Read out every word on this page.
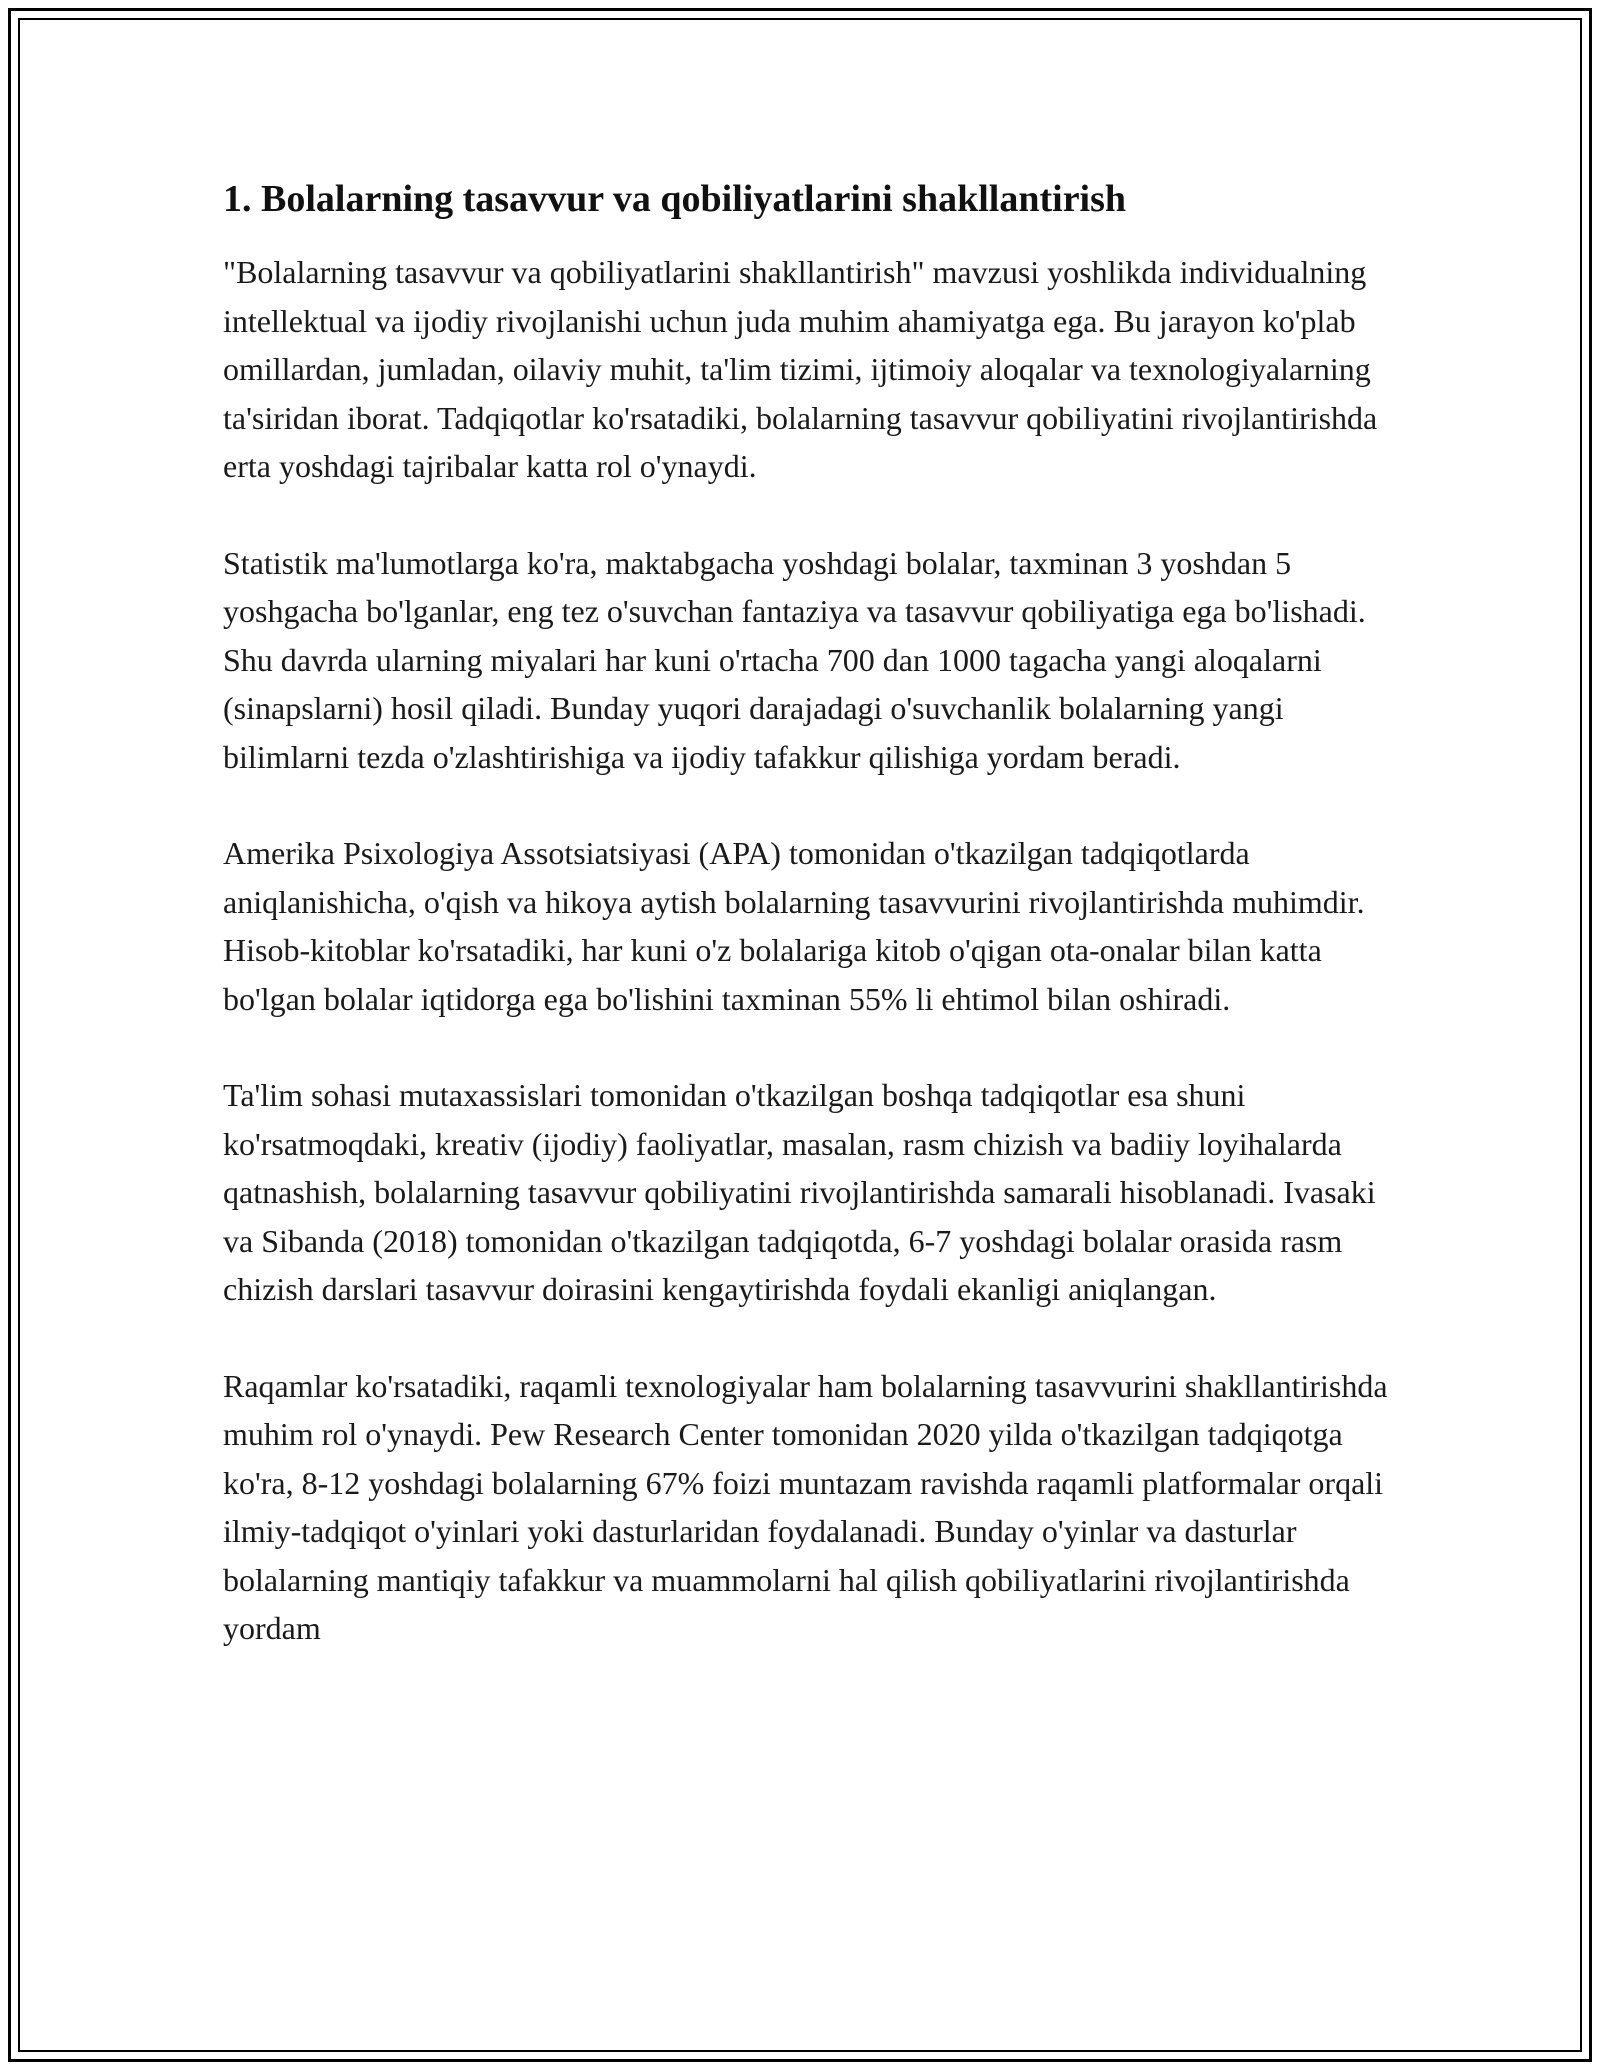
1. Bolalarning tasavvur va qobiliyatlarini shakllantirish

"Bolalarning tasavvur va qobiliyatlarini shakllantirish" mavzusi yoshlikda individualning intellektual va ijodiy rivojlanishi uchun juda muhim ahamiyatga ega. Bu jarayon ko'plab omillardan, jumladan, oilaviy muhit, ta'lim tizimi, ijtimoiy aloqalar va texnologiyalarning ta'siridan iborat. Tadqiqotlar ko'rsatadiki, bolalarning tasavvur qobiliyatini rivojlantirishda erta yoshdagi tajribalar katta rol o'ynaydi.

Statistik ma'lumotlarga ko'ra, maktabgacha yoshdagi bolalar, taxminan 3 yoshdan 5 yoshgacha bo'lganlar, eng tez o'suvchan fantaziya va tasavvur qobiliyatiga ega bo'lishadi. Shu davrda ularning miyalari har kuni o'rtacha 700 dan 1000 tagacha yangi aloqalarni (sinapslarni) hosil qiladi. Bunday yuqori darajadagi o'suvchanlik bolalarning yangi bilimlarni tezda o'zlashtirishiga va ijodiy tafakkur qilishiga yordam beradi.

Amerika Psixologiya Assotsiatsiyasi (APA) tomonidan o'tkazilgan tadqiqotlarda aniqlanishicha, o'qish va hikoya aytish bolalarning tasavvurini rivojlantirishda muhimdir. Hisob-kitoblar ko'rsatadiki, har kuni o'z bolalariga kitob o'qigan ota-onalar bilan katta bo'lgan bolalar iqtidorga ega bo'lishini taxminan 55% li ehtimol bilan oshiradi.

Ta'lim sohasi mutaxassislari tomonidan o'tkazilgan boshqa tadqiqotlar esa shuni ko'rsatmoqdaki, kreativ (ijodiy) faoliyatlar, masalan, rasm chizish va badiiy loyihalarda qatnashish, bolalarning tasavvur qobiliyatini rivojlantirishda samarali hisoblanadi. Ivasaki va Sibanda (2018) tomonidan o'tkazilgan tadqiqotda, 6-7 yoshdagi bolalar orasida rasm chizish darslari tasavvur doirasini kengaytirishda foydali ekanligi aniqlangan.

Raqamlar ko'rsatadiki, raqamli texnologiyalar ham bolalarning tasavvurini shakllantirishda muhim rol o'ynaydi. Pew Research Center tomonidan 2020 yilda o'tkazilgan tadqiqotga ko'ra, 8-12 yoshdagi bolalarning 67% foizi muntazam ravishda raqamli platformalar orqali ilmiy-tadqiqot o'yinlari yoki dasturlaridan foydalanadi. Bunday o'yinlar va dasturlar bolalarning mantiqiy tafakkur va muammolarni hal qilish qobiliyatlarini rivojlantirishda yordam
